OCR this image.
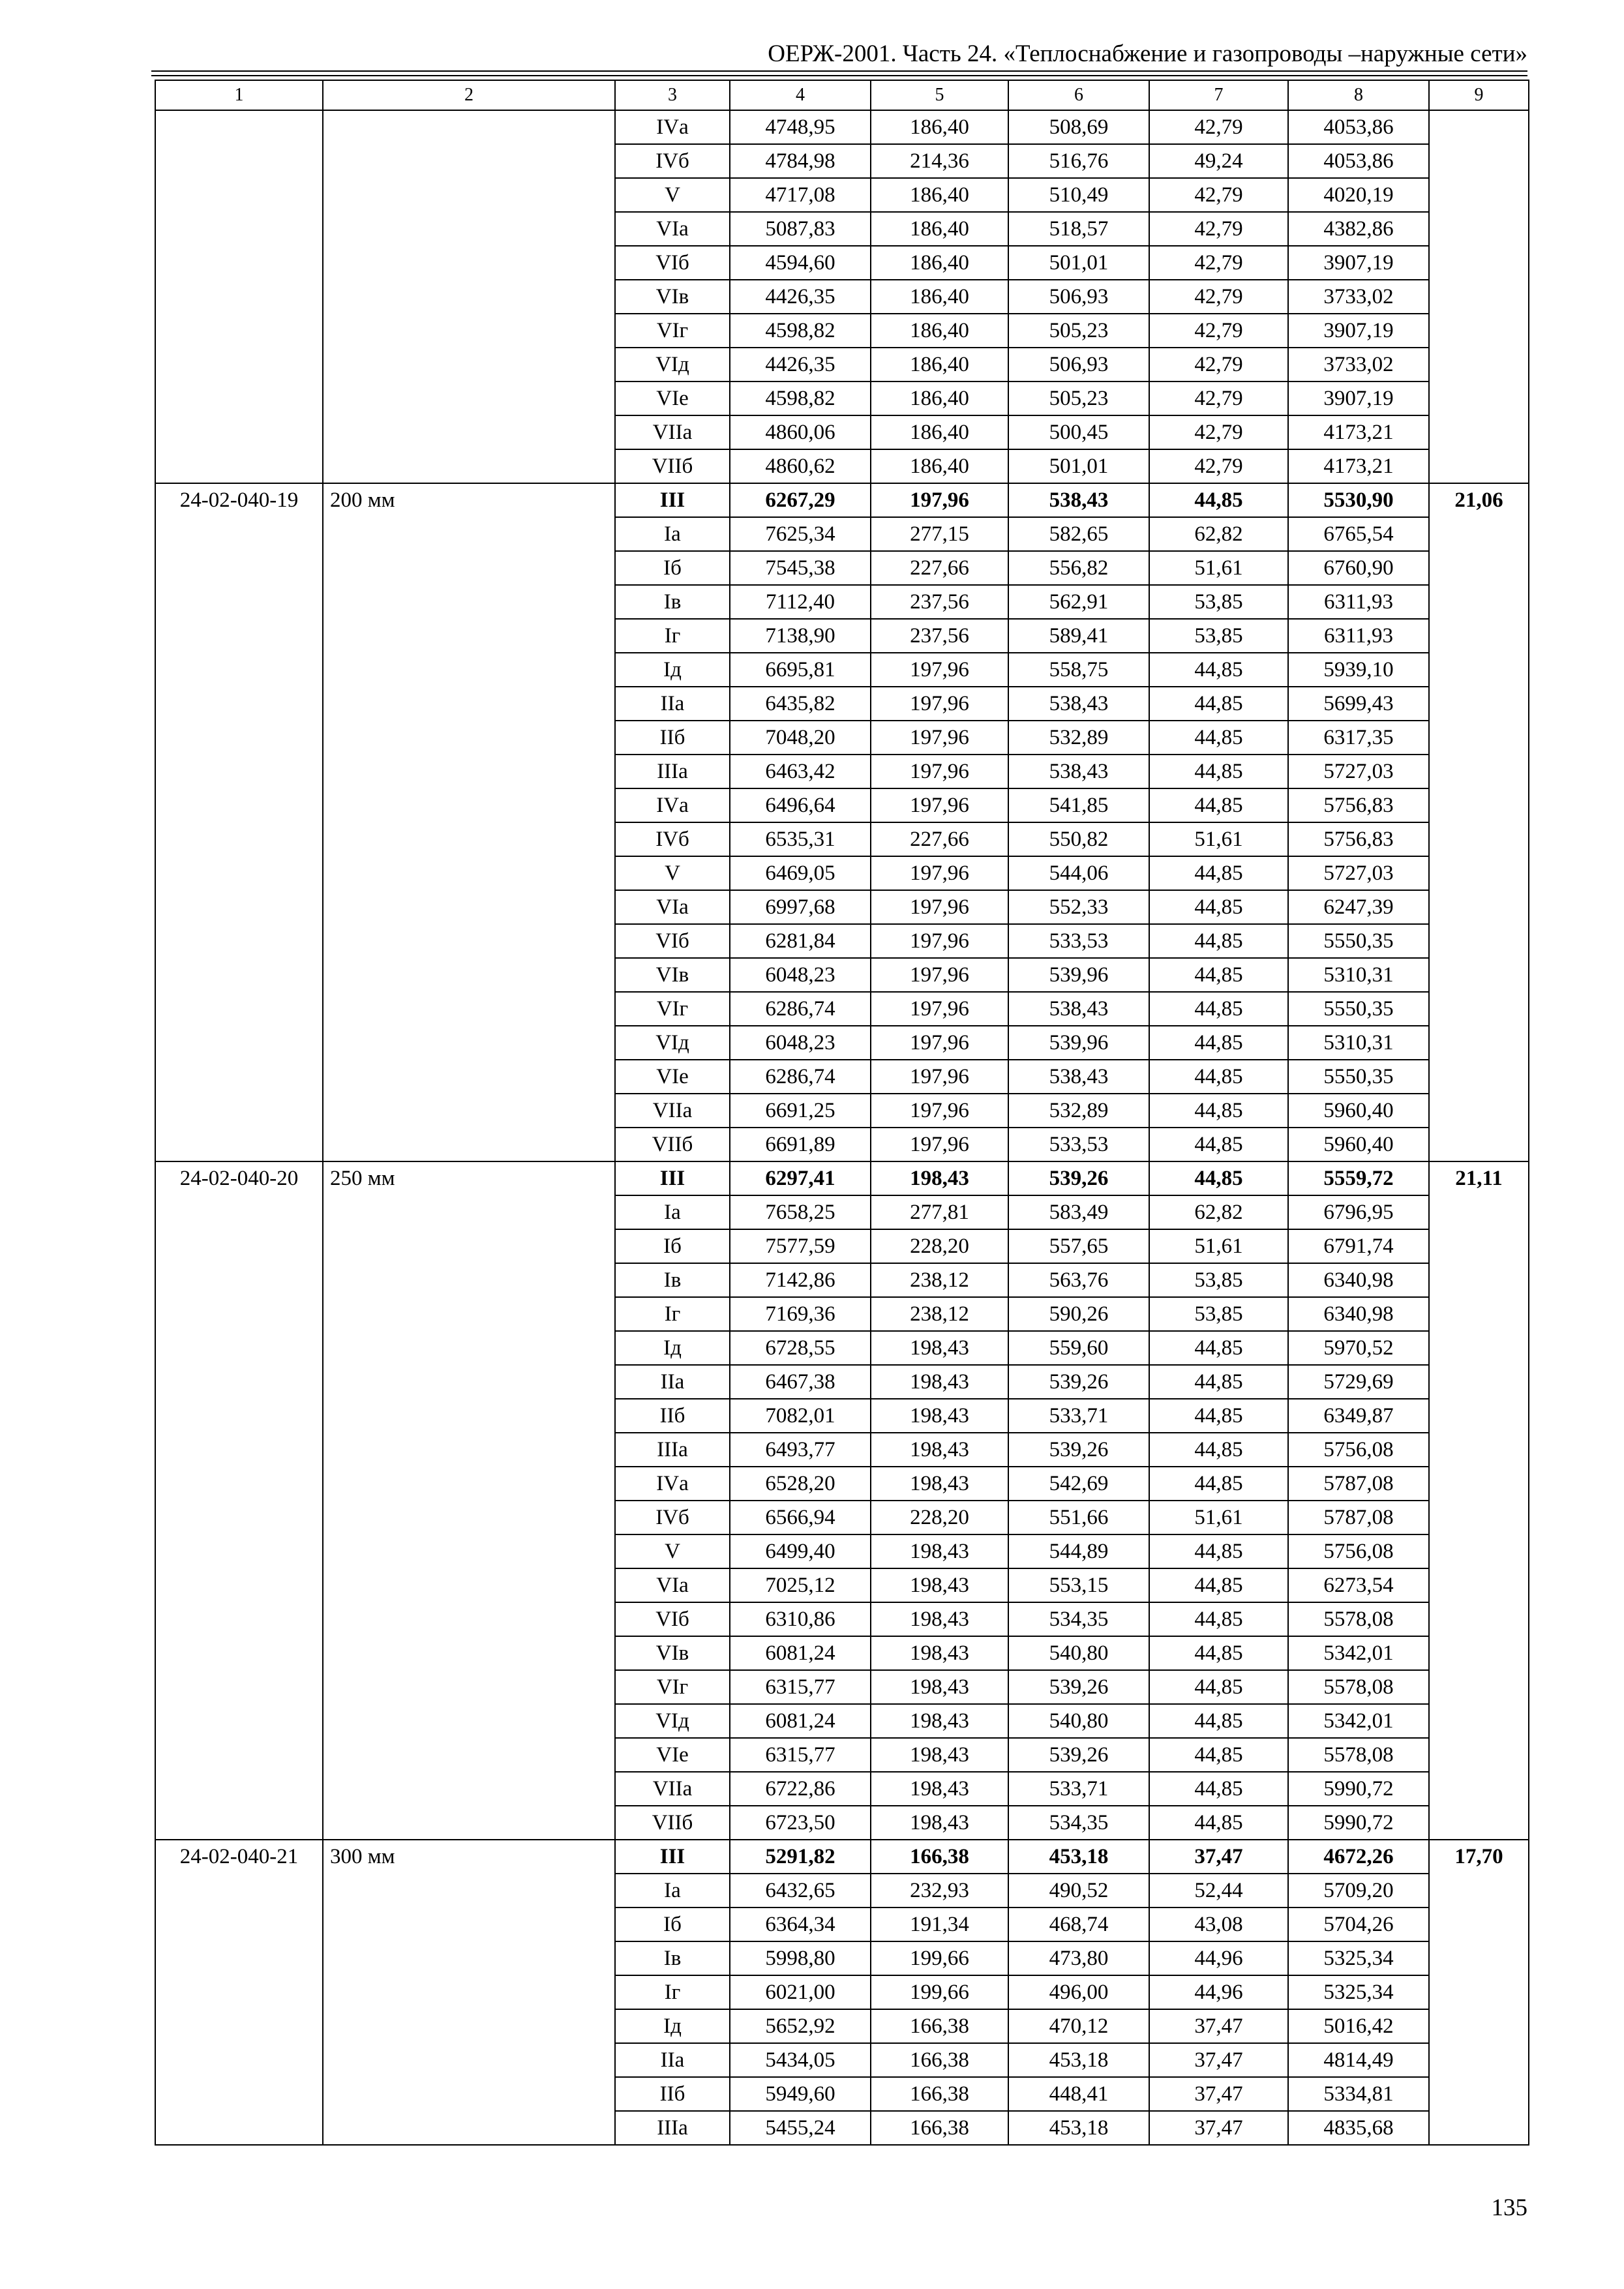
ОЕРЖ-2001. Часть 24. «Теплоснабжение и газопроводы –наружные сети»
1	2	3	4	5	6	7	8	9
		IVа	4748,95	186,40	508,69	42,79	4053,86	
		IVб	4784,98	214,36	516,76	49,24	4053,86	
		V	4717,08	186,40	510,49	42,79	4020,19	
		VIа	5087,83	186,40	518,57	42,79	4382,86	
		VIб	4594,60	186,40	501,01	42,79	3907,19	
		VIв	4426,35	186,40	506,93	42,79	3733,02	
		VIг	4598,82	186,40	505,23	42,79	3907,19	
		VIд	4426,35	186,40	506,93	42,79	3733,02	
		VIе	4598,82	186,40	505,23	42,79	3907,19	
		VIIа	4860,06	186,40	500,45	42,79	4173,21	
		VIIб	4860,62	186,40	501,01	42,79	4173,21	
24-02-040-19	200 мм	III	6267,29	197,96	538,43	44,85	5530,90	21,06
		Iа	7625,34	277,15	582,65	62,82	6765,54	
		Iб	7545,38	227,66	556,82	51,61	6760,90	
		Iв	7112,40	237,56	562,91	53,85	6311,93	
		Iг	7138,90	237,56	589,41	53,85	6311,93	
		Iд	6695,81	197,96	558,75	44,85	5939,10	
		IIа	6435,82	197,96	538,43	44,85	5699,43	
		IIб	7048,20	197,96	532,89	44,85	6317,35	
		IIIа	6463,42	197,96	538,43	44,85	5727,03	
		IVа	6496,64	197,96	541,85	44,85	5756,83	
		IVб	6535,31	227,66	550,82	51,61	5756,83	
		V	6469,05	197,96	544,06	44,85	5727,03	
		VIа	6997,68	197,96	552,33	44,85	6247,39	
		VIб	6281,84	197,96	533,53	44,85	5550,35	
		VIв	6048,23	197,96	539,96	44,85	5310,31	
		VIг	6286,74	197,96	538,43	44,85	5550,35	
		VIд	6048,23	197,96	539,96	44,85	5310,31	
		VIе	6286,74	197,96	538,43	44,85	5550,35	
		VIIа	6691,25	197,96	532,89	44,85	5960,40	
		VIIб	6691,89	197,96	533,53	44,85	5960,40	
24-02-040-20	250 мм	III	6297,41	198,43	539,26	44,85	5559,72	21,11
		Iа	7658,25	277,81	583,49	62,82	6796,95	
		Iб	7577,59	228,20	557,65	51,61	6791,74	
		Iв	7142,86	238,12	563,76	53,85	6340,98	
		Iг	7169,36	238,12	590,26	53,85	6340,98	
		Iд	6728,55	198,43	559,60	44,85	5970,52	
		IIа	6467,38	198,43	539,26	44,85	5729,69	
		IIб	7082,01	198,43	533,71	44,85	6349,87	
		IIIа	6493,77	198,43	539,26	44,85	5756,08	
		IVа	6528,20	198,43	542,69	44,85	5787,08	
		IVб	6566,94	228,20	551,66	51,61	5787,08	
		V	6499,40	198,43	544,89	44,85	5756,08	
		VIа	7025,12	198,43	553,15	44,85	6273,54	
		VIб	6310,86	198,43	534,35	44,85	5578,08	
		VIв	6081,24	198,43	540,80	44,85	5342,01	
		VIг	6315,77	198,43	539,26	44,85	5578,08	
		VIд	6081,24	198,43	540,80	44,85	5342,01	
		VIе	6315,77	198,43	539,26	44,85	5578,08	
		VIIа	6722,86	198,43	533,71	44,85	5990,72	
		VIIб	6723,50	198,43	534,35	44,85	5990,72	
24-02-040-21	300 мм	III	5291,82	166,38	453,18	37,47	4672,26	17,70
		Iа	6432,65	232,93	490,52	52,44	5709,20	
		Iб	6364,34	191,34	468,74	43,08	5704,26	
		Iв	5998,80	199,66	473,80	44,96	5325,34	
		Iг	6021,00	199,66	496,00	44,96	5325,34	
		Iд	5652,92	166,38	470,12	37,47	5016,42	
		IIа	5434,05	166,38	453,18	37,47	4814,49	
		IIб	5949,60	166,38	448,41	37,47	5334,81	
		IIIа	5455,24	166,38	453,18	37,47	4835,68	
135
